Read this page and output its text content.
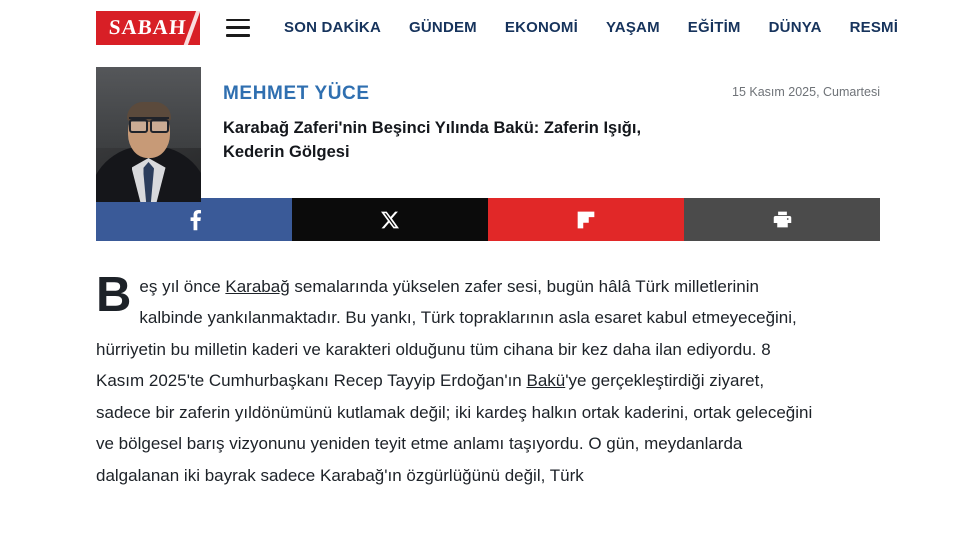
SABAH	SON DAKİKA	GÜNDEM	EKONOMİ	YAŞAM	EĞİTİM	DÜNYA	RESMİ
MEHMET YÜCE
Karabağ Zaferi'nin Beşinci Yılında Bakü: Zaferin Işığı, Kederin Gölgesi
15 Kasım 2025, Cumartesi
Beş yıl önce Karabağ semalarında yükselen zafer sesi, bugün hâlâ Türk milletlerinin kalbinde yankılanmaktadır. Bu yankı, Türk topraklarının asla esaret kabul etmeyeceğini, hürriyetin bu milletin kaderi ve karakteri olduğunu tüm cihana bir kez daha ilan ediyordu. 8 Kasım 2025'te Cumhurbaşkanı Recep Tayyip Erdoğan'ın Bakü'ye gerçekleştirdiği ziyaret, sadece bir zaferin yıldönümünü kutlamak değil; iki kardeş halkın ortak kaderini, ortak geleceğini ve bölgesel barış vizyonunu yeniden teyit etme anlamı taşıyordu. O gün, meydanlarda dalgalanan iki bayrak sadece Karabağ'ın özgürlüğünü değil, Türk
